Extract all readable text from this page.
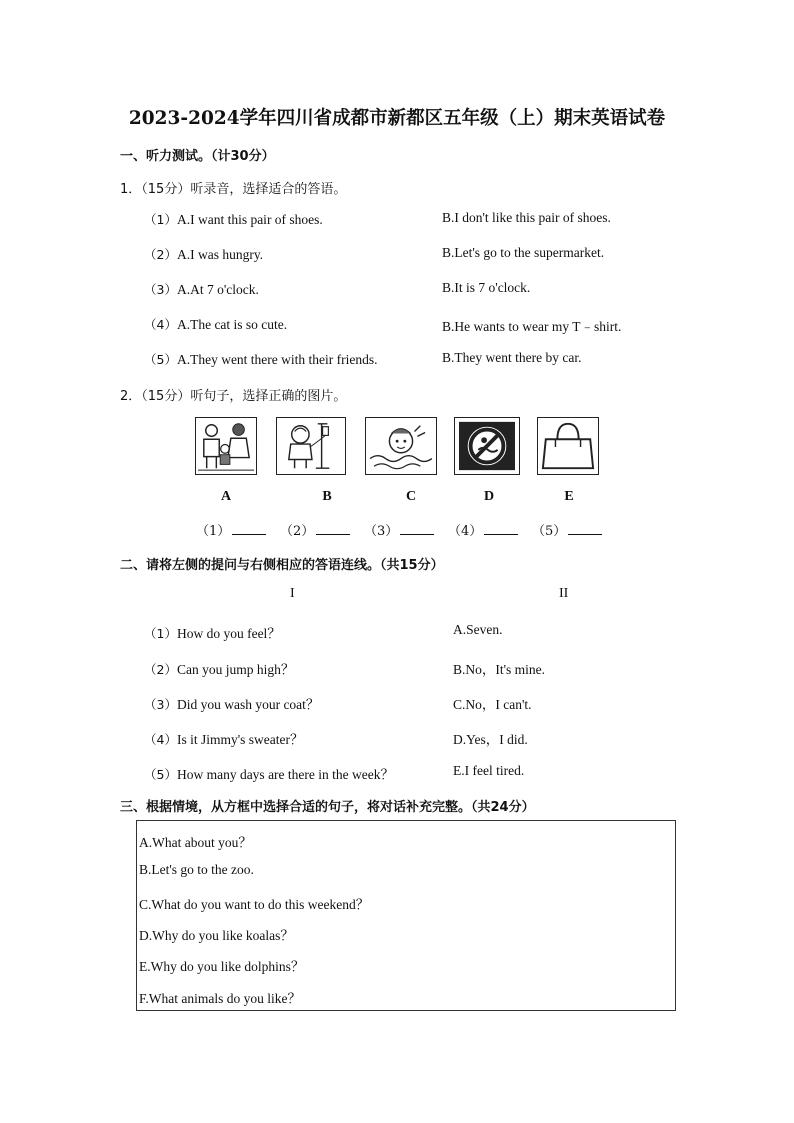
2023-2024学年四川省成都市新都区五年级（上）期末英语试卷
一、听力测试。（计30分）
1．（15分）听录音，选择适合的答语。
（1）A.I want this pair of shoes.	B.I don't like this pair of shoes.
（2）A.I was hungry.	B.Let's go to the supermarket.
（3）A.At 7 o'clock.	B.It is 7 o'clock.
（4）A.The cat is so cute.	B.He wants to wear my T﹣shirt.
（5）A.They went there with their friends.	B.They went there by car.
2．（15分）听句子，选择正确的图片。
A	B	C	D	E
（1）	（2）	（3）	（4）	（5）
二、请将左侧的提问与右侧相应的答语连线。（共15分）
I	II
（1）How do you feel？	A.Seven.
（2）Can you jump high？	B.No，It's mine.
（3）Did you wash your coat？	C.No，I can't.
（4）Is it Jimmy's sweater？	D.Yes，I did.
（5）How many days are there in the week？	E.I feel tired.
三、根据情境，从方框中选择合适的句子，将对话补充完整。（共24分）
A.What about you？
B.Let's go to the zoo.
C.What do you want to do this weekend？
D.Why do you like koalas？
E.Why do you like dolphins？
F.What animals do you like？
